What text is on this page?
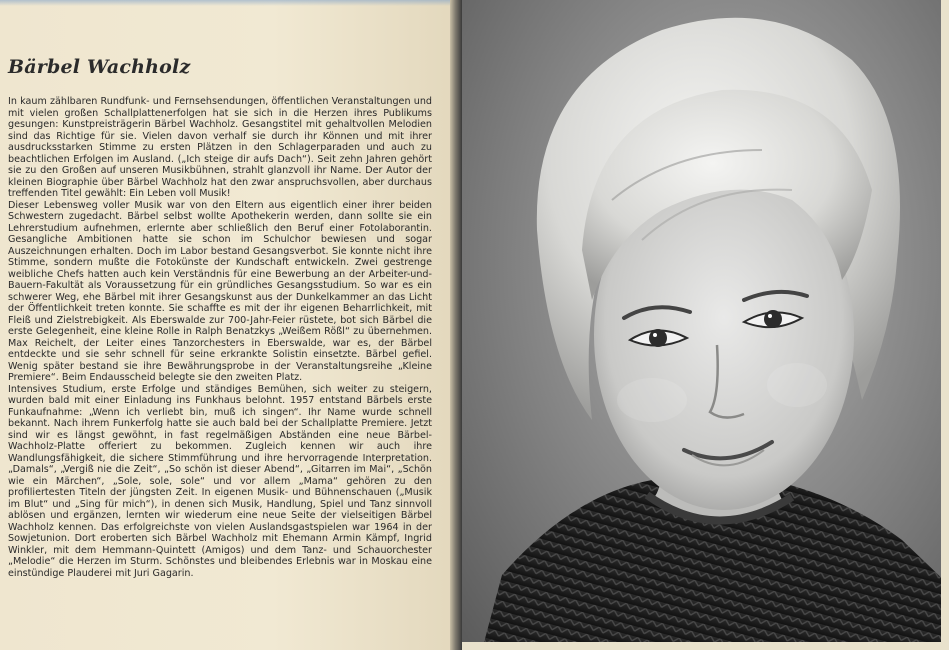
Bärbel Wachholz

In kaum zählbaren Rundfunk- und Fernsehsendungen, öffentlichen Veranstaltungen und mit vielen großen Schallplattenerfolgen hat sie sich in die Herzen ihres Publikums gesungen: Kunstpreisträgerin Bärbel Wachholz. Gesangstitel mit gehaltvollen Melodien sind das Richtige für sie. Vielen davon verhalf sie durch ihr Können und mit ihrer ausdrucksstarken Stimme zu ersten Plätzen in den Schlagerparaden und auch zu beachtlichen Erfolgen im Ausland. („Ich steige dir aufs Dach“). Seit zehn Jahren gehört sie zu den Großen auf unseren Musikbühnen, strahlt glanzvoll ihr Name. Der Autor der kleinen Biographie über Bärbel Wachholz hat den zwar anspruchsvollen, aber durchaus treffenden Titel gewählt: Ein Leben voll Musik!

Dieser Lebensweg voller Musik war von den Eltern aus eigentlich einer ihrer beiden Schwestern zugedacht. Bärbel selbst wollte Apothekerin werden, dann sollte sie ein Lehrerstudium aufnehmen, erlernte aber schließlich den Beruf einer Fotolaborantin. Gesangliche Ambitionen hatte sie schon im Schulchor bewiesen und sogar Auszeichnungen erhalten. Doch im Labor bestand Gesangsverbot. Sie konnte nicht ihre Stimme, sondern mußte die Fotokünste der Kundschaft entwickeln. Zwei gestrenge weibliche Chefs hatten auch kein Verständnis für eine Bewerbung an der Arbeiter-und-Bauern-Fakultät als Voraussetzung für ein gründliches Gesangsstudium. So war es ein schwerer Weg, ehe Bärbel mit ihrer Gesangskunst aus der Dunkelkammer an das Licht der Öffentlichkeit treten konnte. Sie schaffte es mit der ihr eigenen Beharrlichkeit, mit Fleiß und Zielstrebigkeit. Als Eberswalde zur 700-Jahr-Feier rüstete, bot sich Bärbel die erste Gelegenheit, eine kleine Rolle in Ralph Benatzkys „Weißem Rößl“ zu übernehmen. Max Reichelt, der Leiter eines Tanzorchesters in Eberswalde, war es, der Bärbel entdeckte und sie sehr schnell für seine erkrankte Solistin einsetzte. Bärbel gefiel. Wenig später bestand sie ihre Bewährungsprobe in der Veranstaltungsreihe „Kleine Premiere“. Beim Endausscheid belegte sie den zweiten Platz.

Intensives Studium, erste Erfolge und ständiges Bemühen, sich weiter zu steigern, wurden bald mit einer Einladung ins Funkhaus belohnt. 1957 entstand Bärbels erste Funkaufnahme: „Wenn ich verliebt bin, muß ich singen“. Ihr Name wurde schnell bekannt. Nach ihrem Funkerfolg hatte sie auch bald bei der Schallplatte Premiere. Jetzt sind wir es längst gewöhnt, in fast regelmäßigen Abständen eine neue Bärbel-Wachholz-Platte offeriert zu bekommen. Zugleich kennen wir auch ihre Wandlungsfähigkeit, die sichere Stimmführung und ihre hervorragende Interpretation. „Damals“, „Vergiß nie die Zeit“, „So schön ist dieser Abend“, „Gitarren im Mai“, „Schön wie ein Märchen“, „Sole, sole, sole“ und vor allem „Mama“ gehören zu den profiliertesten Titeln der jüngsten Zeit. In eigenen Musik- und Bühnenschauen („Musik im Blut“ und „Sing für mich“), in denen sich Musik, Handlung, Spiel und Tanz sinnvoll ablösen und ergänzen, lernten wir wiederum eine neue Seite der vielseitigen Bärbel Wachholz kennen. Das erfolgreichste von vielen Auslandsgastspielen war 1964 in der Sowjetunion. Dort eroberten sich Bärbel Wachholz mit Ehemann Armin Kämpf, Ingrid Winkler, mit dem Hemmann-Quintett (Amigos) und dem Tanz- und Schauorchester „Melodie“ die Herzen im Sturm. Schönstes und bleibendes Erlebnis war in Moskau eine einstündige Plauderei mit Juri Gagarin.
